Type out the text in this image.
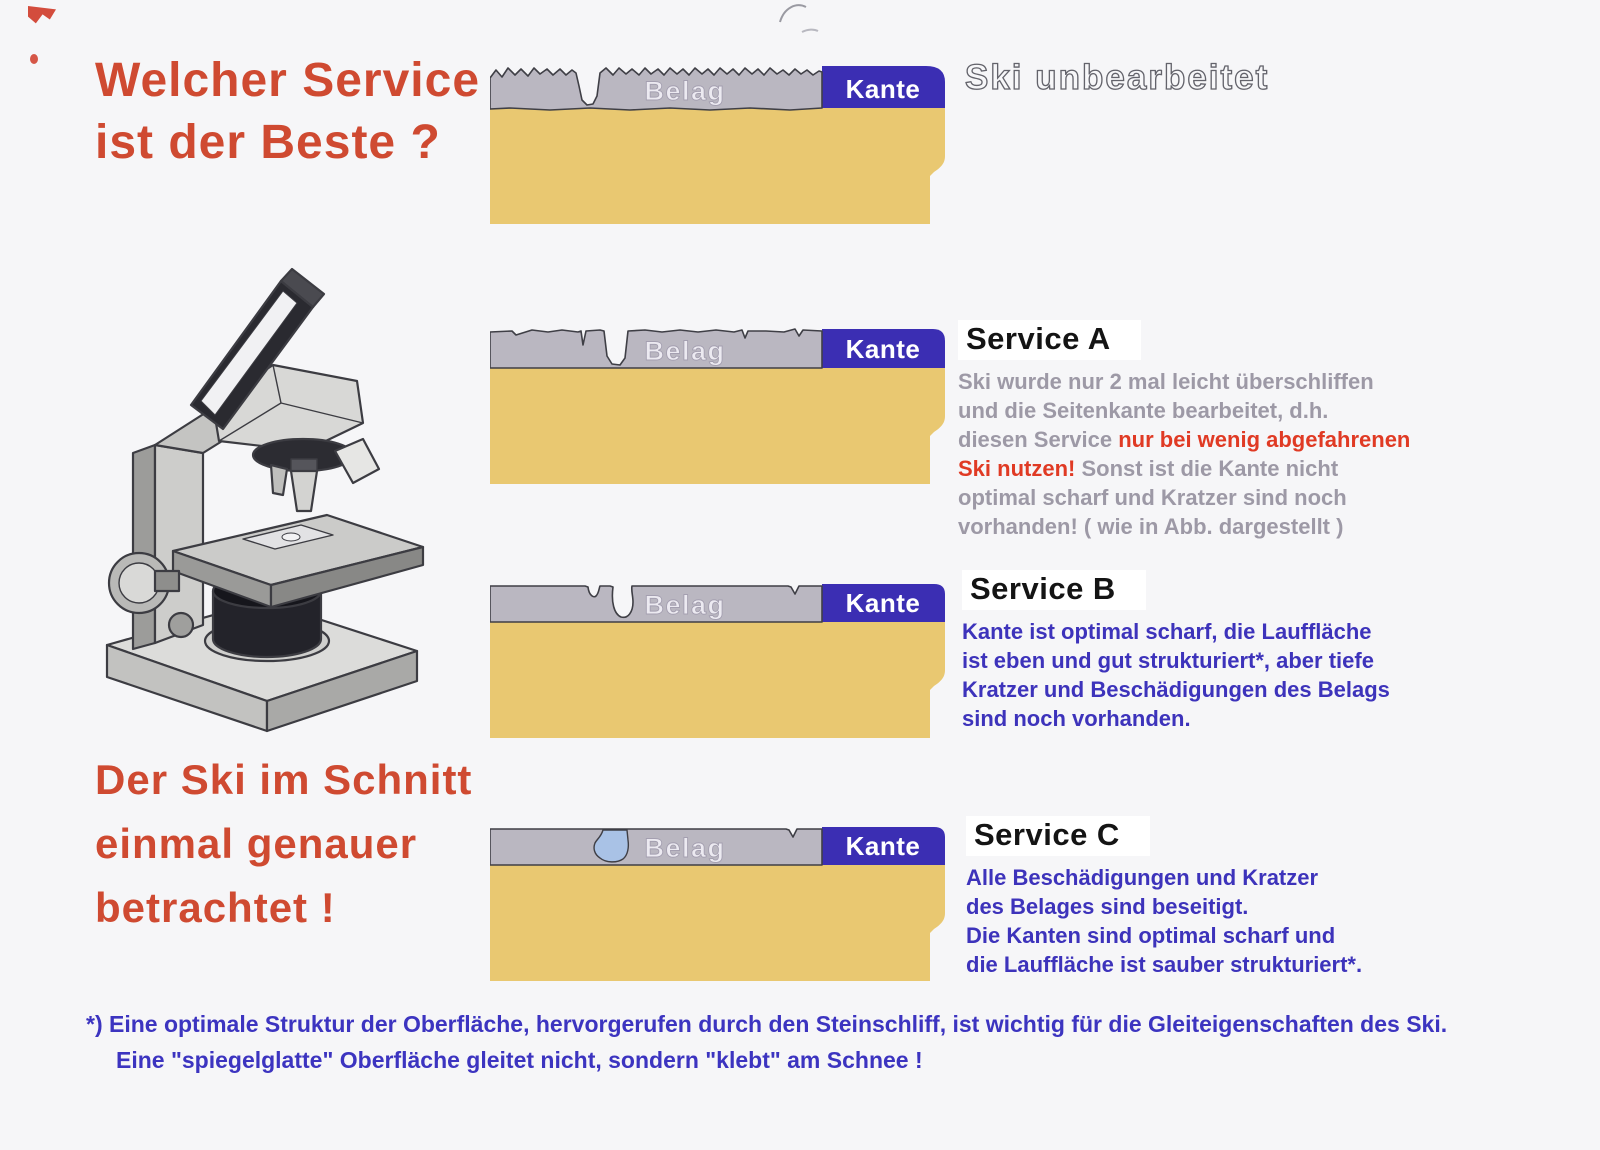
Welcher Service
ist der Beste ?
Der Ski im Schnitt
einmal genauer
betrachtet !
Belag	Kante Ski unbearbeitet
Belag	Kante Service A
Ski wurde nur 2 mal leicht überschliffen
und die Seitenkante bearbeitet, d.h.
diesen Service nur bei wenig abgefahrenen
Ski nutzen! Sonst ist die Kante nicht
optimal scharf und Kratzer sind noch
vorhanden! ( wie in Abb. dargestellt )
Belag	Kante Service B
Kante ist optimal scharf, die Lauffläche
ist eben und gut strukturiert*, aber tiefe
Kratzer und Beschädigungen des Belags
sind noch vorhanden.
Belag	Kante Service C
Alle Beschädigungen und Kratzer
des Belages sind beseitigt.
Die Kanten sind optimal scharf und
die Lauffläche ist sauber strukturiert*.
*) Eine optimale Struktur der Oberfläche, hervorgerufen durch den Steinschliff, ist wichtig für die Gleiteigenschaften des Ski.
Eine "spiegelglatte" Oberfläche gleitet nicht, sondern "klebt" am Schnee !
